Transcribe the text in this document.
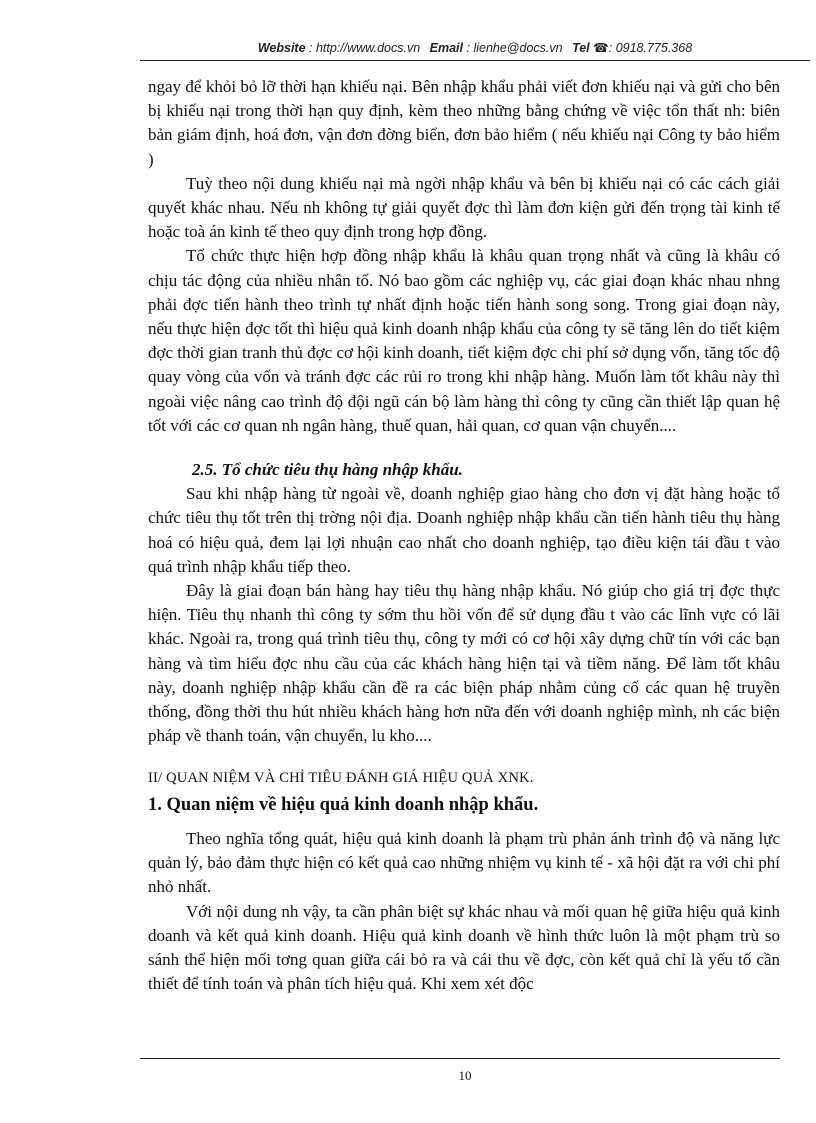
Website : http://www.docs.vn Email : lienhe@docs.vn Tel ☎: 0918.775.368

ngay để khỏi bỏ lỡ thời hạn khiếu nại. Bên nhập khẩu phải viết đơn khiếu nại và gửi cho bên bị khiếu nại trong thời hạn quy định, kèm theo những bằng chứng về việc tổn thất nh: biên bản giám định, hoá đơn, vận đơn đờng biển, đơn bảo hiểm ( nếu khiếu nại Công ty bảo hiểm )

Tuỳ theo nội dung khiếu nại mà ngời nhập khẩu và bên bị khiếu nại có các cách giải quyết khác nhau. Nếu nh không tự giải quyết đợc thì làm đơn kiện gửi đến trọng tài kinh tế hoặc toà án kinh tế theo quy định trong hợp đồng.

Tổ chức thực hiện hợp đồng nhập khẩu là khâu quan trọng nhất và cũng là khâu có chịu tác động của nhiều nhân tố. Nó bao gồm các nghiệp vụ, các giai đoạn khác nhau nhng phải đợc tiến hành theo trình tự nhất định hoặc tiến hành song song. Trong giai đoạn này, nếu thực hiện đợc tốt thì hiệu quả kinh doanh nhập khẩu của công ty sẽ tăng lên do tiết kiệm đợc thời gian tranh thủ đợc cơ hội kinh doanh, tiết kiệm đợc chi phí sở dụng vốn, tăng tốc độ quay vòng của vốn và tránh đợc các rủi ro trong khi nhập hàng. Muốn làm tốt khâu này thì ngoài việc nâng cao trình độ đội ngũ cán bộ làm hàng thì công ty cũng cần thiết lập quan hệ tốt với các cơ quan nh ngân hàng, thuế quan, hải quan, cơ quan vận chuyển....

2.5. Tổ chức tiêu thụ hàng nhập khẩu.

Sau khi nhập hàng từ ngoài về, doanh nghiệp giao hàng cho đơn vị đặt hàng hoặc tổ chức tiêu thụ tốt trên thị trờng nội địa. Doanh nghiệp nhập khẩu cần tiến hành tiêu thụ hàng hoá có hiệu quả, đem lại lợi nhuận cao nhất cho doanh nghiệp, tạo điều kiện tái đầu t vào quá trình nhập khẩu tiếp theo.

Đây là giai đoạn bán hàng hay tiêu thụ hàng nhập khẩu. Nó giúp cho giá trị đợc thực hiện. Tiêu thụ nhanh thì công ty sớm thu hồi vốn để sử dụng đầu t vào các lĩnh vực có lãi khác. Ngoài ra, trong quá trình tiêu thụ, công ty mới có cơ hội xây dựng chữ tín với các bạn hàng và tìm hiểu đợc nhu cầu của các khách hàng hiện tại và tiềm năng. Để làm tốt khâu này, doanh nghiệp nhập khẩu cần đề ra các biện pháp nhằm củng cố các quan hệ truyền thống, đồng thời thu hút nhiều khách hàng hơn nữa đến với doanh nghiệp mình, nh các biện pháp về thanh toán, vận chuyển, lu kho....

II/ QUAN NIỆM VÀ CHỈ TIÊU ĐÁNH GIÁ HIỆU QUẢ XNK.

1. Quan niệm về hiệu quả kinh doanh nhập khẩu.

Theo nghĩa tổng quát, hiệu quả kinh doanh là phạm trù phản ánh trình độ và năng lực quản lý, bảo đảm thực hiện có kết quả cao những nhiệm vụ kinh tế - xã hội đặt ra với chi phí nhỏ nhất.

Với nội dung nh vậy, ta cần phân biệt sự khác nhau và mối quan hệ giữa hiệu quả kinh doanh và kết quả kinh doanh. Hiệu quả kinh doanh về hình thức luôn là một phạm trù so sánh thể hiện mối tơng quan giữa cái bỏ ra và cái thu về đợc, còn kết quả chỉ là yếu tố cần thiết để tính toán và phân tích hiệu quả. Khi xem xét độc

10
